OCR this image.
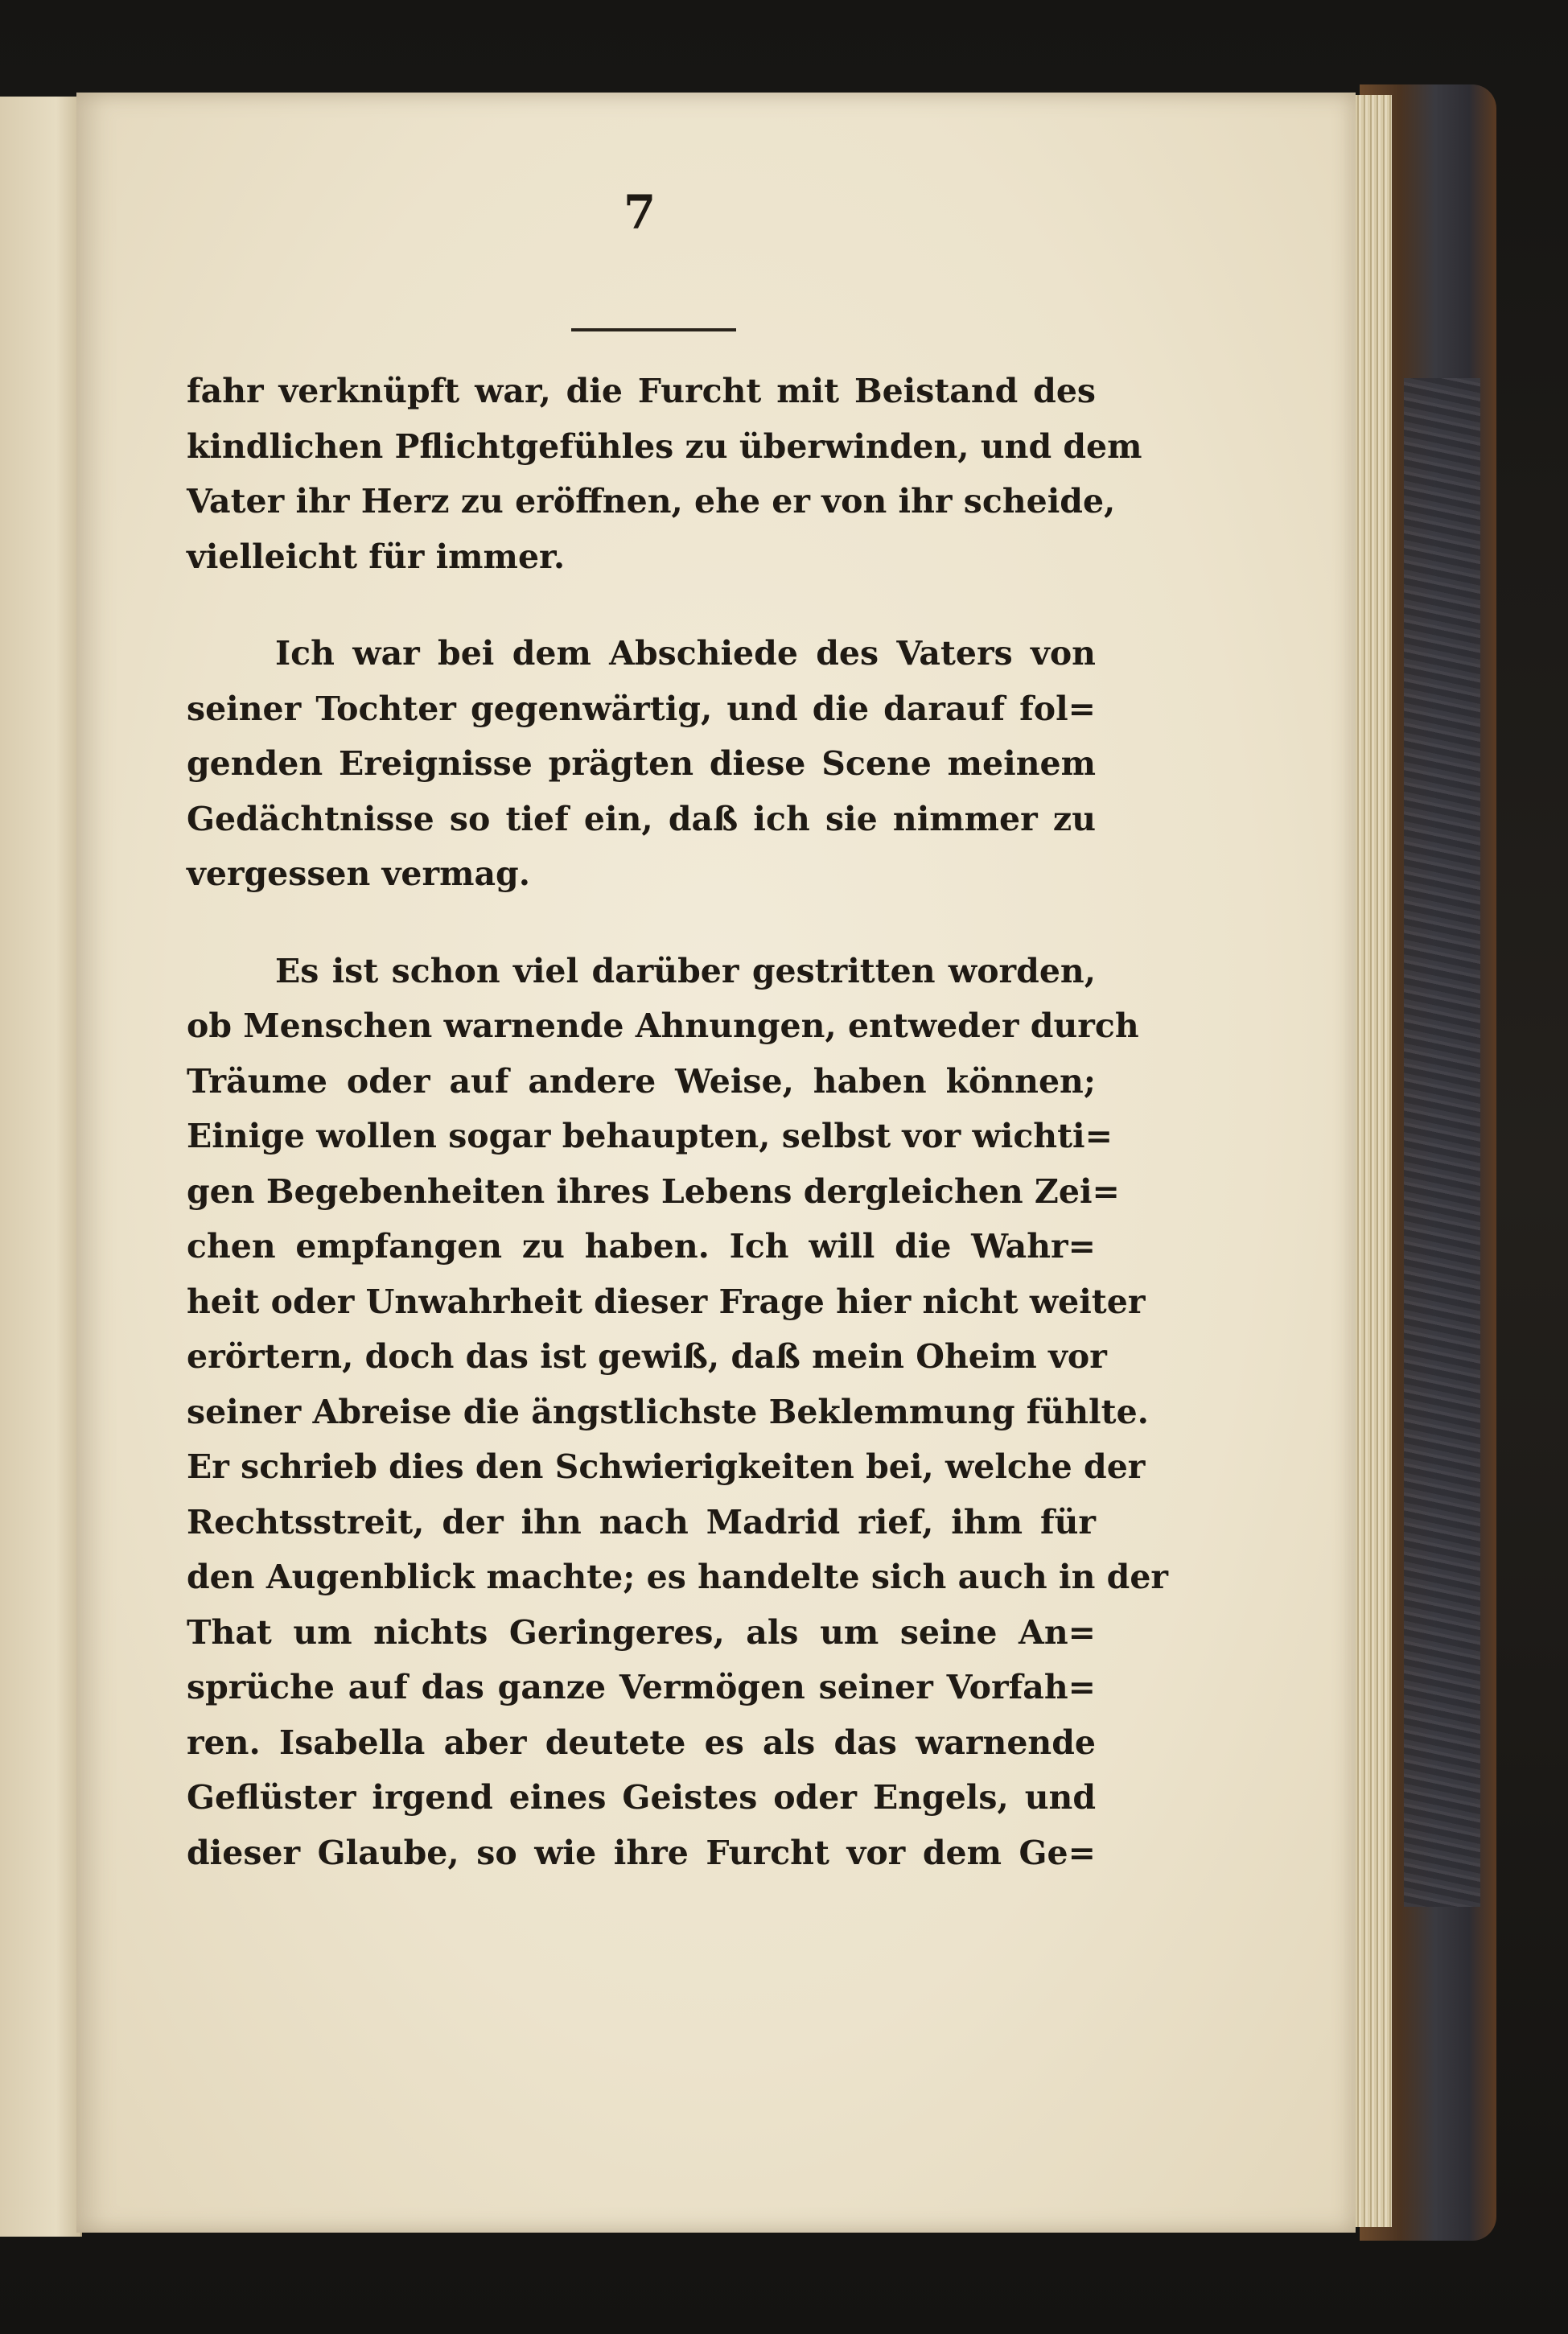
7
fahr verknüpft war, die Furcht mit Beistand des
kindlichen Pflichtgefühles zu überwinden, und dem
Vater ihr Herz zu eröffnen, ehe er von ihr scheide,
vielleicht für immer.
Ich war bei dem Abschiede des Vaters von
seiner Tochter gegenwärtig, und die darauf fol=
genden Ereignisse prägten diese Scene meinem
Gedächtnisse so tief ein, daß ich sie nimmer zu
vergessen vermag.
Es ist schon viel darüber gestritten worden,
ob Menschen warnende Ahnungen, entweder durch
Träume oder auf andere Weise, haben können;
Einige wollen sogar behaupten, selbst vor wichti=
gen Begebenheiten ihres Lebens dergleichen Zei=
chen empfangen zu haben. Ich will die Wahr=
heit oder Unwahrheit dieser Frage hier nicht weiter
erörtern, doch das ist gewiß, daß mein Oheim vor
seiner Abreise die ängstlichste Beklemmung fühlte.
Er schrieb dies den Schwierigkeiten bei, welche der
Rechtsstreit, der ihn nach Madrid rief, ihm für
den Augenblick machte; es handelte sich auch in der
That um nichts Geringeres, als um seine An=
sprüche auf das ganze Vermögen seiner Vorfah=
ren. Isabella aber deutete es als das warnende
Geflüster irgend eines Geistes oder Engels, und
dieser Glaube, so wie ihre Furcht vor dem Ge=
